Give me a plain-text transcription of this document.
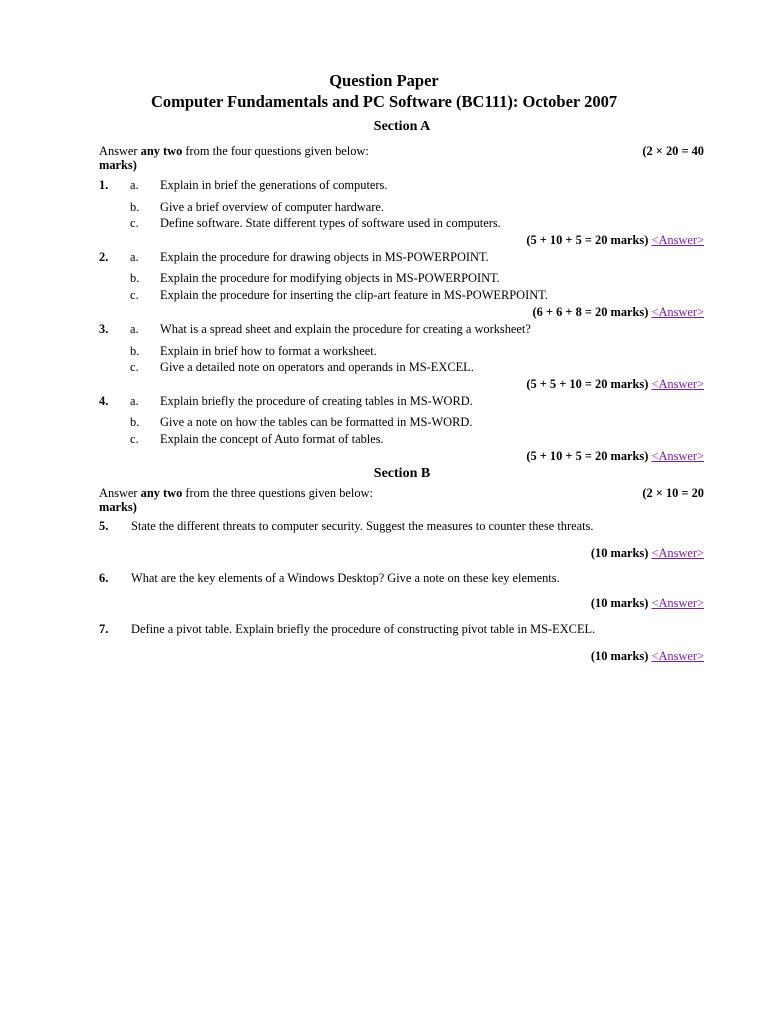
Question Paper
Computer Fundamentals and PC Software (BC111): October 2007
Section A
Answer any two from the four questions given below:	(2 × 20 = 40
marks)
1. a. Explain in brief the generations of computers.
b. Give a brief overview of computer hardware.
c. Define software. State different types of software used in computers.
(5 + 10 + 5 = 20 marks) <Answer>
2. a. Explain the procedure for drawing objects in MS-POWERPOINT.
b. Explain the procedure for modifying objects in MS-POWERPOINT.
c. Explain the procedure for inserting the clip-art feature in MS-POWERPOINT.
(6 + 6 + 8 = 20 marks) <Answer>
3. a. What is a spread sheet and explain the procedure for creating a worksheet?
b. Explain in brief how to format a worksheet.
c. Give a detailed note on operators and operands in MS-EXCEL.
(5 + 5 + 10 = 20 marks) <Answer>
4. a. Explain briefly the procedure of creating tables in MS-WORD.
b. Give a note on how the tables can be formatted in MS-WORD.
c. Explain the concept of Auto format of tables.
(5 + 10 + 5 = 20 marks) <Answer>
Section B
Answer any two from the three questions given below:	(2 × 10 = 20
marks)
5. State the different threats to computer security. Suggest the measures to counter these threats.
(10 marks) <Answer>
6. What are the key elements of a Windows Desktop? Give a note on these key elements.
(10 marks) <Answer>
7. Define a pivot table. Explain briefly the procedure of constructing pivot table in MS-EXCEL.
(10 marks) <Answer>
